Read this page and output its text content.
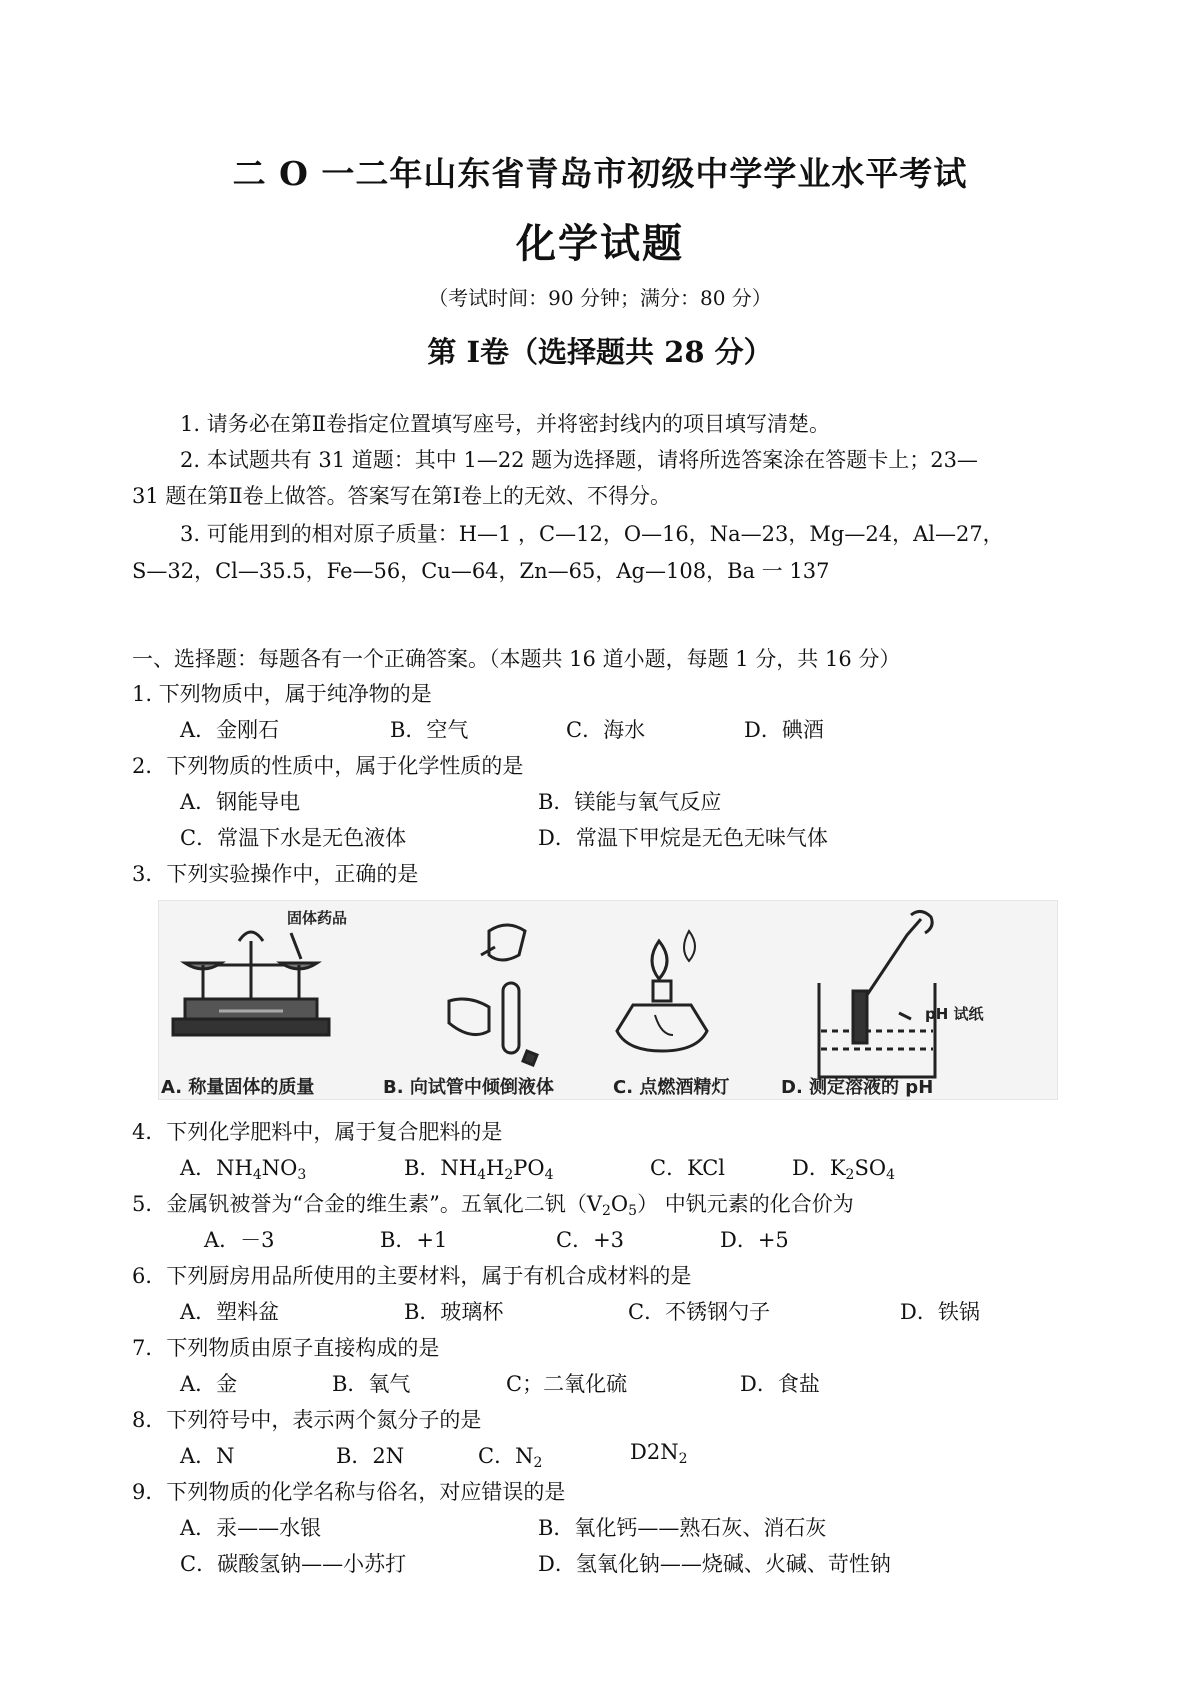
二 O 一二年山东省青岛市初级中学学业水平考试
化学试题
（考试时间：90 分钟；满分：80 分）
第 Ⅰ卷（选择题共 28 分）
1. 请务必在第Ⅱ卷指定位置填写座号，并将密封线内的项目填写清楚。
2. 本试题共有 31 道题：其中 1—22 题为选择题，请将所选答案涂在答题卡上；23—
31 题在第Ⅱ卷上做答。答案写在第Ⅰ卷上的无效、不得分。
3. 可能用到的相对原子质量：H—1 ，C—12，O—16，Na—23，Mg—24，Al—27，
S—32，Cl—35.5，Fe—56，Cu—64，Zn—65，Ag—108，Ba 一 137
一、选择题：每题各有一个正确答案。（本题共 16 道小题，每题 1 分，共 16 分）
1. 下列物质中，属于纯净物的是
A．金刚石	B．空气	C．海水	D．碘酒
2．下列物质的性质中，属于化学性质的是
A．钢能导电	B．镁能与氧气反应
C．常温下水是无色液体	D．常温下甲烷是无色无味气体
3．下列实验操作中，正确的是
固体药品
pH 试纸
A. 称量固体的质量	B. 向试管中倾倒液体	C. 点燃酒精灯	D. 测定溶液的 pH
4．下列化学肥料中，属于复合肥料的是
A．$NH_4NO_3$	B．$NH_4H_2PO_4$	C．KCl	D．$K_2SO_4$
5．金属钒被誉为“合金的维生素”。五氧化二钒$(V_2O_5)$ 中钒元素的化合价为
A．－3	B．+1	C．+3	D．+5
6．下列厨房用品所使用的主要材料，属于有机合成材料的是
A．塑料盆	B．玻璃杯	C．不锈钢勺子	D．铁锅
7．下列物质由原子直接构成的是
A．金	B．氧气	C；二氧化硫	D．食盐
8．下列符号中，表示两个氮分子的是
A．N	B．2N	C．$N_2$	$D2N_2$
9．下列物质的化学名称与俗名，对应错误的是
A．汞——水银	B．氧化钙——熟石灰、消石灰
C．碳酸氢钠——小苏打	D．氢氧化钠——烧碱、火碱、苛性钠
